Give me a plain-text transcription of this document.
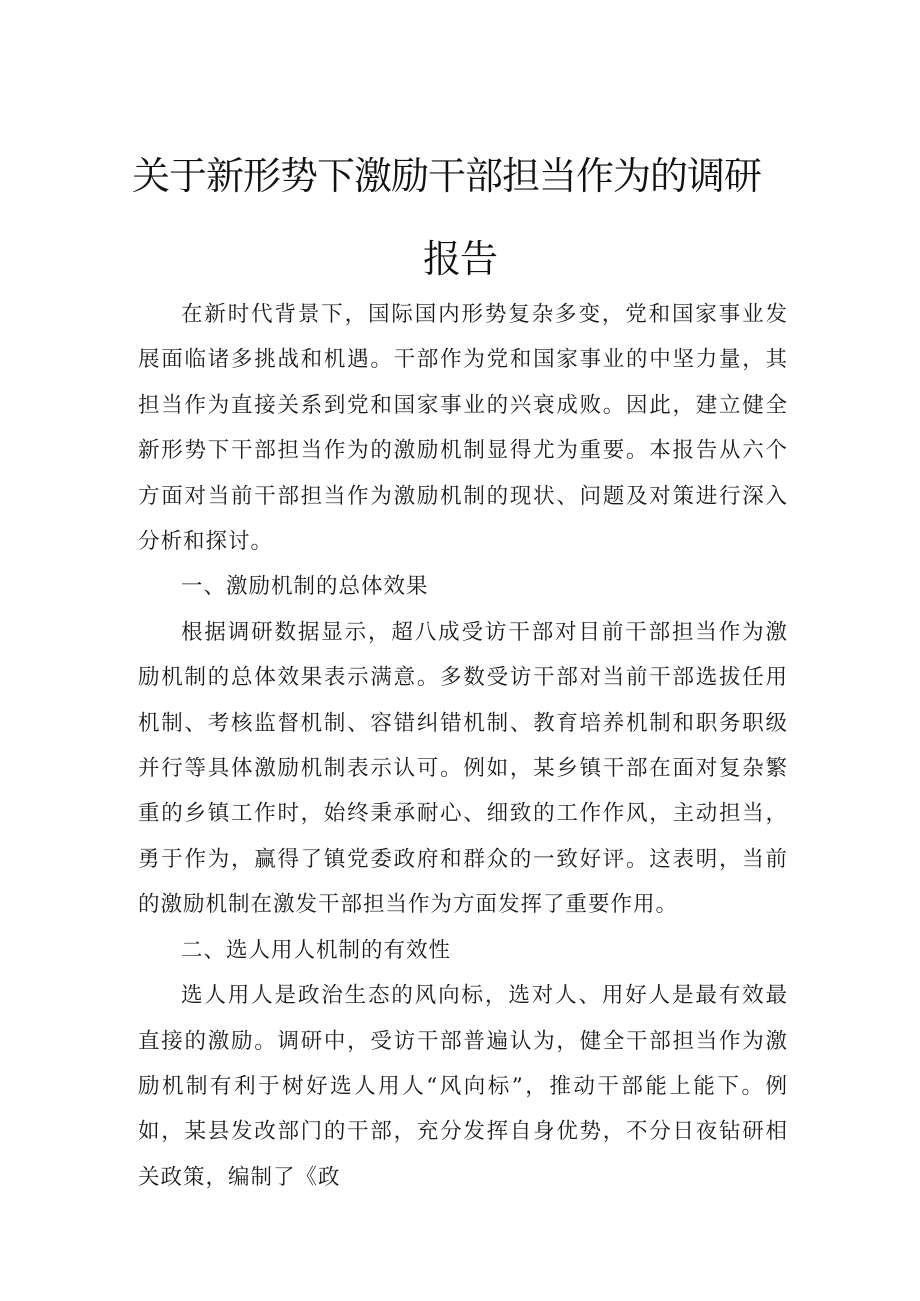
关于新形势下激励干部担当作为的调研
报告

在新时代背景下，国际国内形势复杂多变，党和国家事业发展面临诸多挑战和机遇。干部作为党和国家事业的中坚力量，其担当作为直接关系到党和国家事业的兴衰成败。因此，建立健全新形势下干部担当作为的激励机制显得尤为重要。本报告从六个方面对当前干部担当作为激励机制的现状、问题及对策进行深入分析和探讨。

一、激励机制的总体效果

根据调研数据显示，超八成受访干部对目前干部担当作为激励机制的总体效果表示满意。多数受访干部对当前干部选拔任用机制、考核监督机制、容错纠错机制、教育培养机制和职务职级并行等具体激励机制表示认可。例如，某乡镇干部在面对复杂繁重的乡镇工作时，始终秉承耐心、细致的工作作风，主动担当，勇于作为，赢得了镇党委政府和群众的一致好评。这表明，当前的激励机制在激发干部担当作为方面发挥了重要作用。

二、选人用人机制的有效性

选人用人是政治生态的风向标，选对人、用好人是最有效最直接的激励。调研中，受访干部普遍认为，健全干部担当作为激励机制有利于树好选人用人“风向标”，推动干部能上能下。例如，某县发改部门的干部，充分发挥自身优势，不分日夜钻研相关政策，编制了《政
